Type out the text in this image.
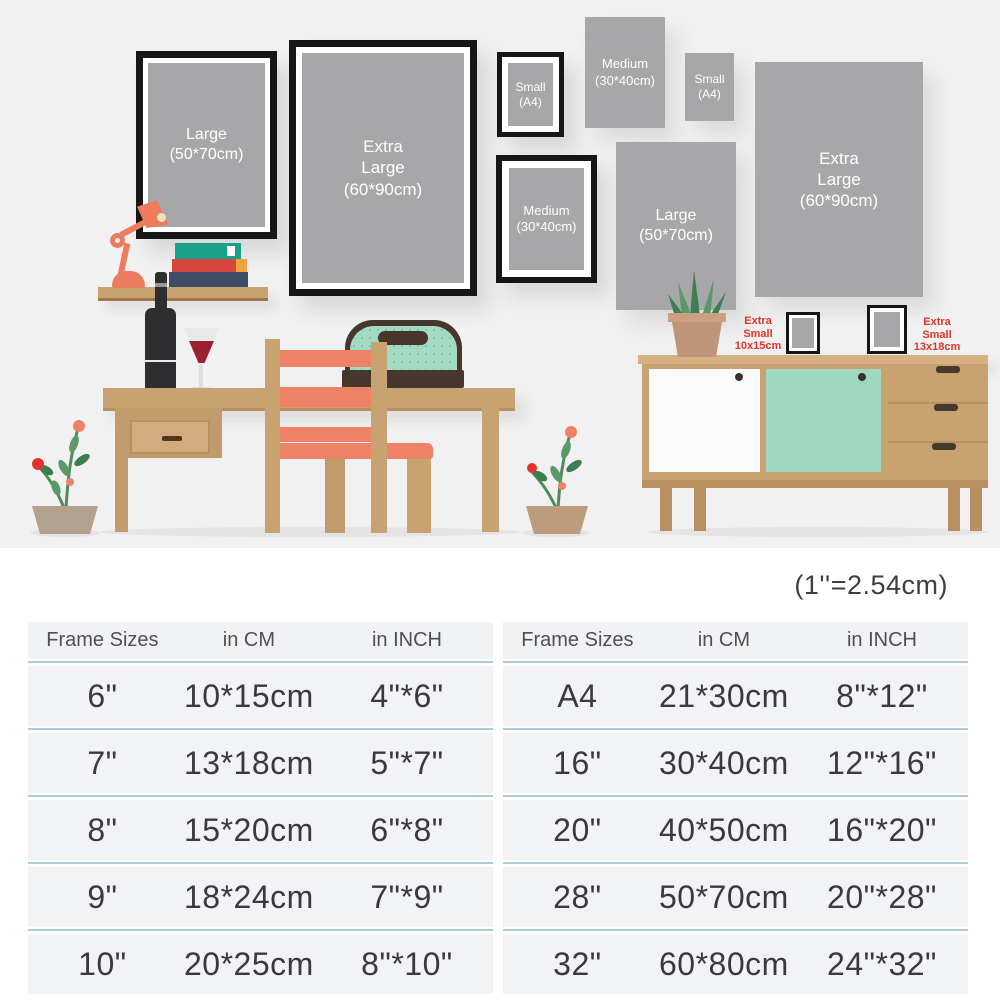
Large
(50*70cm)	Extra
Large
(60*90cm)
Small
(A4)
Medium
(30*40cm)	Small
(A4)
Medium
(30*40cm)
Large
(50*70cm)
Extra
Large
(60*90cm)
Extra
Small
10x15cm
Extra
Small
13x18cm
(1''=2.54cm)
Frame Sizes	in CM	in INCH
6"	10*15cm	4"*6"
7"	13*18cm	5"*7"
8"	15*20cm	6"*8"
9"	18*24cm	7"*9"
10"	20*25cm	8"*10"
Frame Sizes	in CM	in INCH
A4	21*30cm	8"*12"
16"	30*40cm	12"*16"
20"	40*50cm	16"*20"
28"	50*70cm	20"*28"
32"	60*80cm	24"*32"
